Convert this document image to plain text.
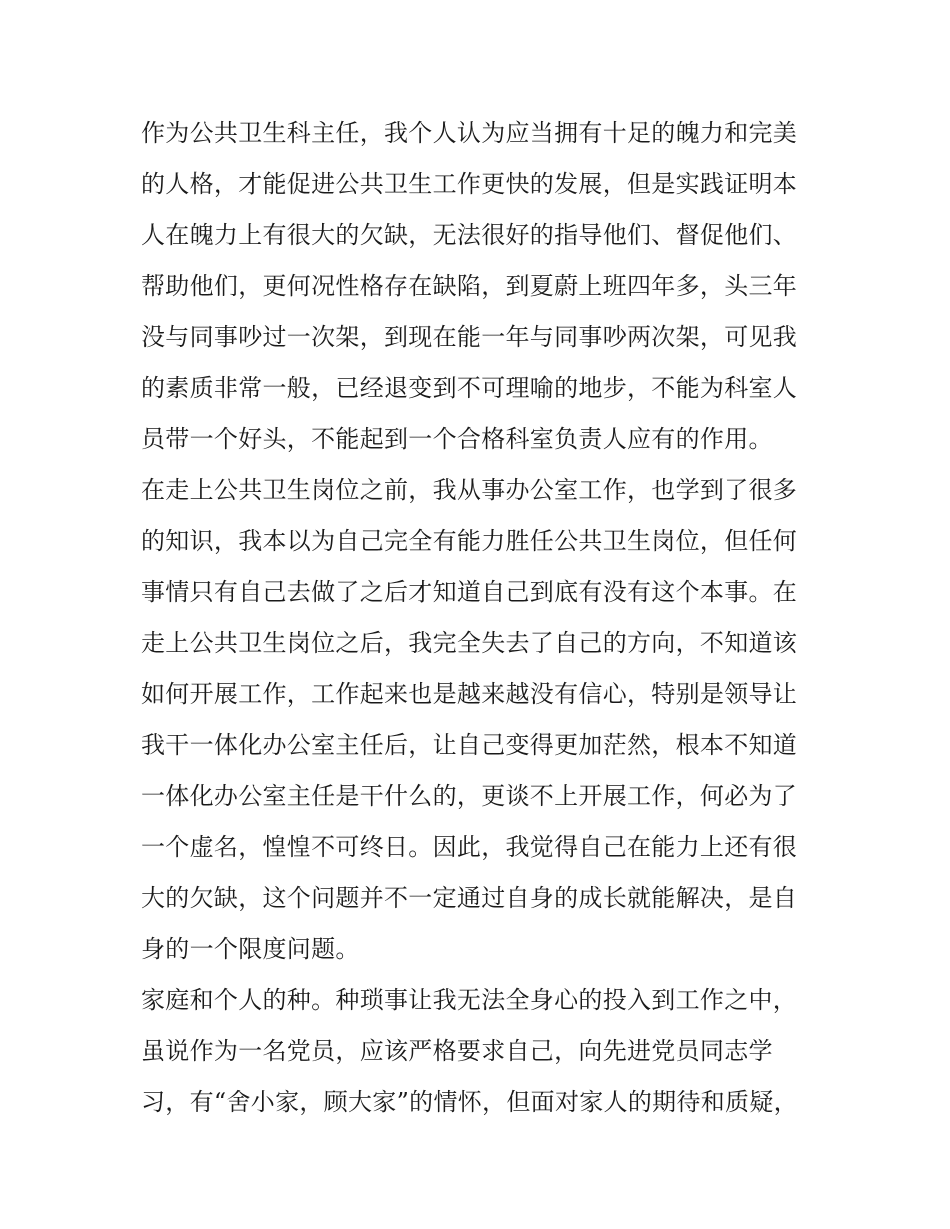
作为公共卫生科主任，我个人认为应当拥有十足的魄力和完美
的人格，才能促进公共卫生工作更快的发展，但是实践证明本
人在魄力上有很大的欠缺，无法很好的指导他们、督促他们、
帮助他们，更何况性格存在缺陷，到夏蔚上班四年多，头三年
没与同事吵过一次架，到现在能一年与同事吵两次架，可见我
的素质非常一般，已经退变到不可理喻的地步，不能为科室人
员带一个好头，不能起到一个合格科室负责人应有的作用。
在走上公共卫生岗位之前，我从事办公室工作，也学到了很多
的知识，我本以为自己完全有能力胜任公共卫生岗位，但任何
事情只有自己去做了之后才知道自己到底有没有这个本事。在
走上公共卫生岗位之后，我完全失去了自己的方向，不知道该
如何开展工作，工作起来也是越来越没有信心，特别是领导让
我干一体化办公室主任后，让自己变得更加茫然，根本不知道
一体化办公室主任是干什么的，更谈不上开展工作，何必为了
一个虚名，惶惶不可终日。因此，我觉得自己在能力上还有很
大的欠缺，这个问题并不一定通过自身的成长就能解决，是自
身的一个限度问题。
家庭和个人的种。种琐事让我无法全身心的投入到工作之中，
虽说作为一名党员，应该严格要求自己，向先进党员同志学
习，有“舍小家，顾大家”的情怀，但面对家人的期待和质疑，
